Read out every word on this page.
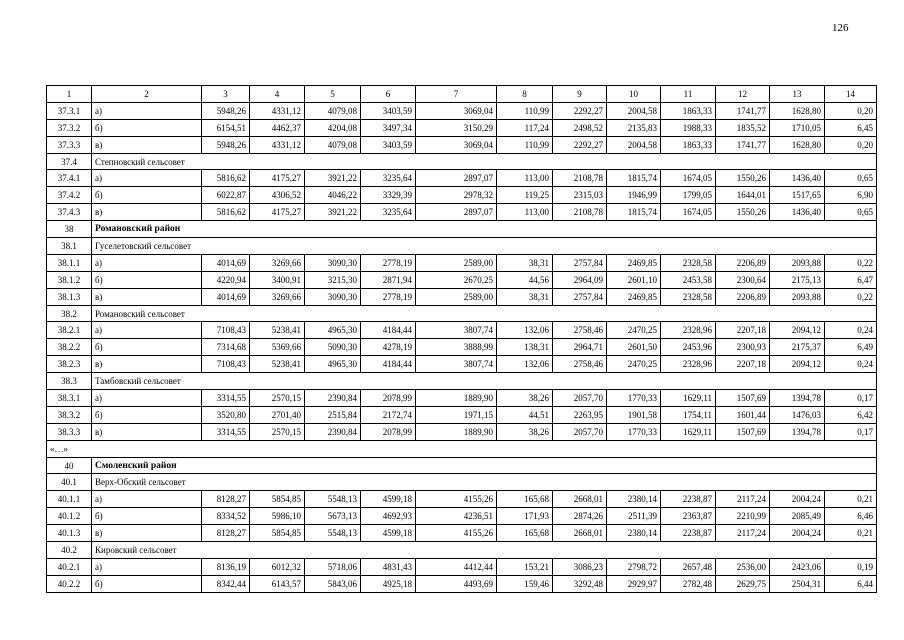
126
1	2	3	4	5	6	7	8	9	10	11	12	13	14
37.3.1	а)	5948,26	4331,12	4079,08	3403,59	3069,04	110,99	2292,27	2004,58	1863,33	1741,77	1628,80	0,20
37.3.2	б)	6154,51	4462,37	4204,08	3497,34	3150,29	117,24	2498,52	2135,83	1988,33	1835,52	1710,05	6,45
37.3.3	в)	5948,26	4331,12	4079,08	3403,59	3069,04	110,99	2292,27	2004,58	1863,33	1741,77	1628,80	0,20
37.4	Степновский сельсовет												
37.4.1	а)	5816,62	4175,27	3921,22	3235,64	2897,07	113,00	2108,78	1815,74	1674,05	1550,26	1436,40	0,65
37.4.2	б)	6022,87	4306,52	4046,22	3329,39	2978,32	119,25	2315,03	1946,99	1799,05	1644,01	1517,65	6,90
37.4.3	в)	5816,62	4175,27	3921,22	3235,64	2897,07	113,00	2108,78	1815,74	1674,05	1550,26	1436,40	0,65
38	Романовский район												
38.1	Гуселетовский сельсовет												
38.1.1	а)	4014,69	3269,66	3090,30	2778,19	2589,00	38,31	2757,84	2469,85	2328,58	2206,89	2093,88	0,22
38.1.2	б)	4220,94	3400,91	3215,30	2871,94	2670,25	44,56	2964,09	2601,10	2453,58	2300,64	2175,13	6,47
38.1.3	в)	4014,69	3269,66	3090,30	2778,19	2589,00	38,31	2757,84	2469,85	2328,58	2206,89	2093,88	0,22
38.2	Романовский сельсовет												
38.2.1	а)	7108,43	5238,41	4965,30	4184,44	3807,74	132,06	2758,46	2470,25	2328,96	2207,18	2094,12	0,24
38.2.2	б)	7314,68	5369,66	5090,30	4278,19	3888,99	138,31	2964,71	2601,50	2453,96	2300,93	2175,37	6,49
38.2.3	в)	7108,43	5238,41	4965,30	4184,44	3807,74	132,06	2758,46	2470,25	2328,96	2207,18	2094,12	0,24
38.3	Тамбовский сельсовет												
38.3.1	а)	3314,55	2570,15	2390,84	2078,99	1889,90	38,26	2057,70	1770,33	1629,11	1507,69	1394,78	0,17
38.3.2	б)	3520,80	2701,40	2515,84	2172,74	1971,15	44,51	2263,95	1901,58	1754,11	1601,44	1476,03	6,42
38.3.3	в)	3314,55	2570,15	2390,84	2078,99	1889,90	38,26	2057,70	1770,33	1629,11	1507,69	1394,78	0,17
«…»													
40	Смоленский район												
40.1	Верх-Обский сельсовет												
40.1.1	а)	8128,27	5854,85	5548,13	4599,18	4155,26	165,68	2668,01	2380,14	2238,87	2117,24	2004,24	0,21
40.1.2	б)	8334,52	5986,10	5673,13	4692,93	4236,51	171,93	2874,26	2511,39	2363,87	2210,99	2085,49	6,46
40.1.3	в)	8128,27	5854,85	5548,13	4599,18	4155,26	165,68	2668,01	2380,14	2238,87	2117,24	2004,24	0,21
40.2	Кировский сельсовет												
40.2.1	а)	8136,19	6012,32	5718,06	4831,43	4412,44	153,21	3086,23	2798,72	2657,48	2536,00	2423,06	0,19
40.2.2	б)	8342,44	6143,57	5843,06	4925,18	4493,69	159,46	3292,48	2929,97	2782,48	2629,75	2504,31	6,44
